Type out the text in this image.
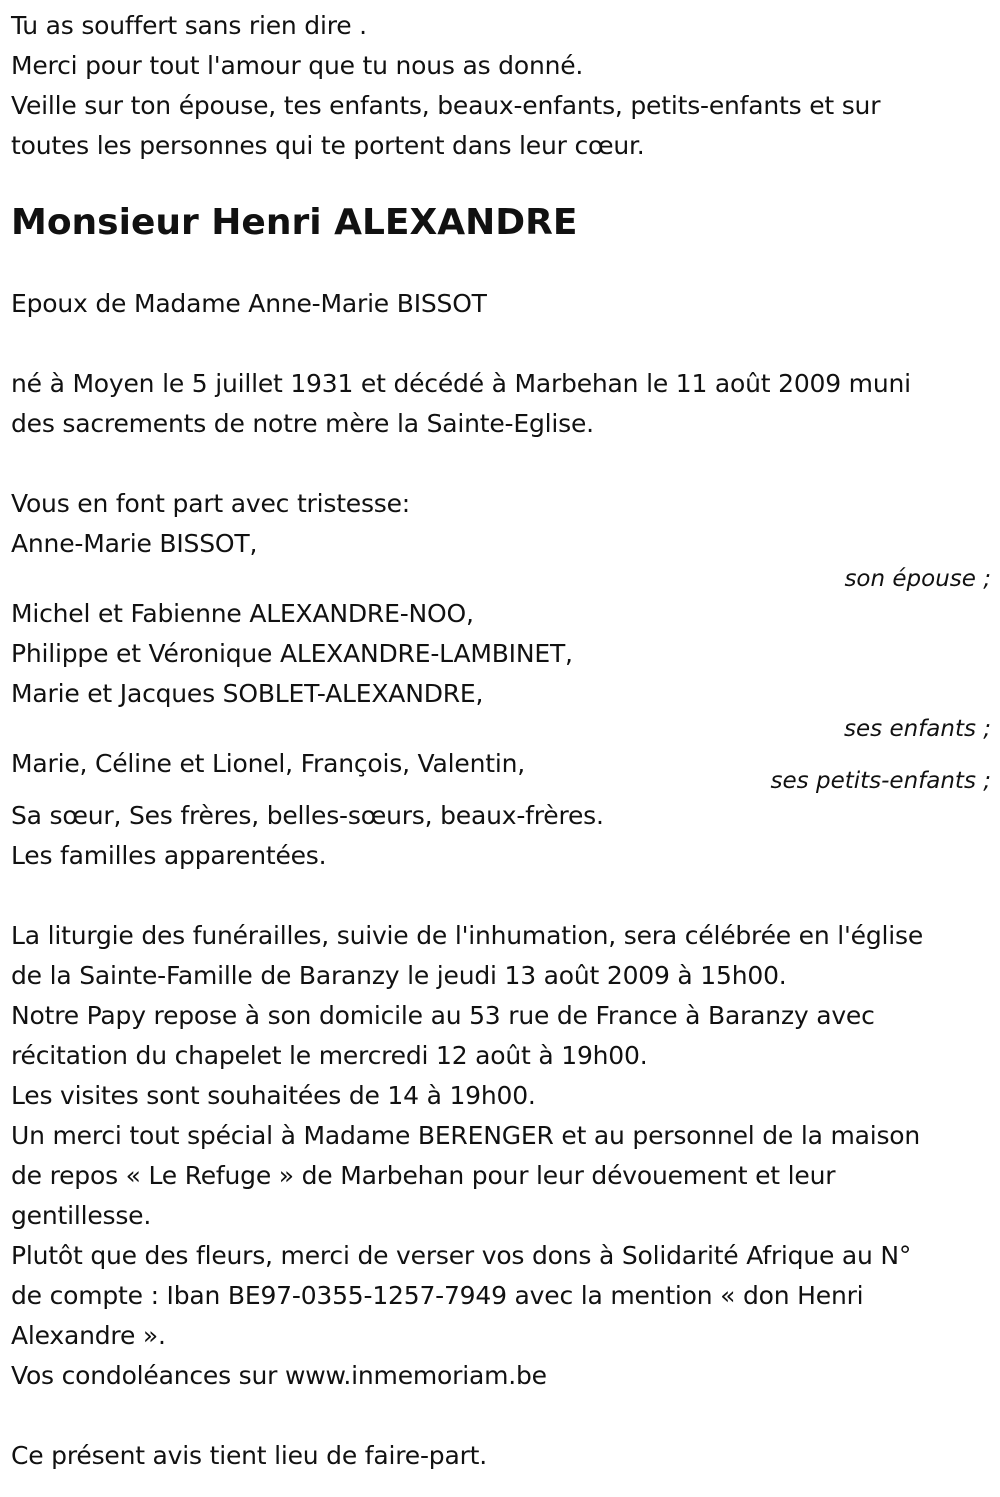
Tu as souffert sans rien dire .
Merci pour tout l'amour que tu nous as donné.
Veille sur ton épouse, tes enfants, beaux-enfants, petits-enfants et sur
toutes les personnes qui te portent dans leur cœur.
Monsieur Henri ALEXANDRE
Epoux de Madame Anne-Marie BISSOT
né à Moyen le 5 juillet 1931 et décédé à Marbehan le 11 août 2009 muni
des sacrements de notre mère la Sainte-Eglise.
Vous en font part avec tristesse:
Anne-Marie BISSOT,
son épouse ;
Michel et Fabienne ALEXANDRE-NOO,
Philippe et Véronique ALEXANDRE-LAMBINET,
Marie et Jacques SOBLET-ALEXANDRE,
ses enfants ;
Marie, Céline et Lionel, François, Valentin,
ses petits-enfants ;
Sa sœur, Ses frères, belles-sœurs, beaux-frères.
Les familles apparentées.
La liturgie des funérailles, suivie de l'inhumation, sera célébrée en l'église
de la Sainte-Famille de Baranzy le jeudi 13 août 2009 à 15h00.
Notre Papy repose à son domicile au 53 rue de France à Baranzy avec
récitation du chapelet le mercredi 12 août à 19h00.
Les visites sont souhaitées de 14 à 19h00.
Un merci tout spécial à Madame BERENGER et au personnel de la maison
de repos « Le Refuge » de Marbehan pour leur dévouement et leur
gentillesse.
Plutôt que des fleurs, merci de verser vos dons à Solidarité Afrique au N°
de compte : Iban BE97-0355-1257-7949 avec la mention « don Henri
Alexandre ».
Vos condoléances sur www.inmemoriam.be
Ce présent avis tient lieu de faire-part.
